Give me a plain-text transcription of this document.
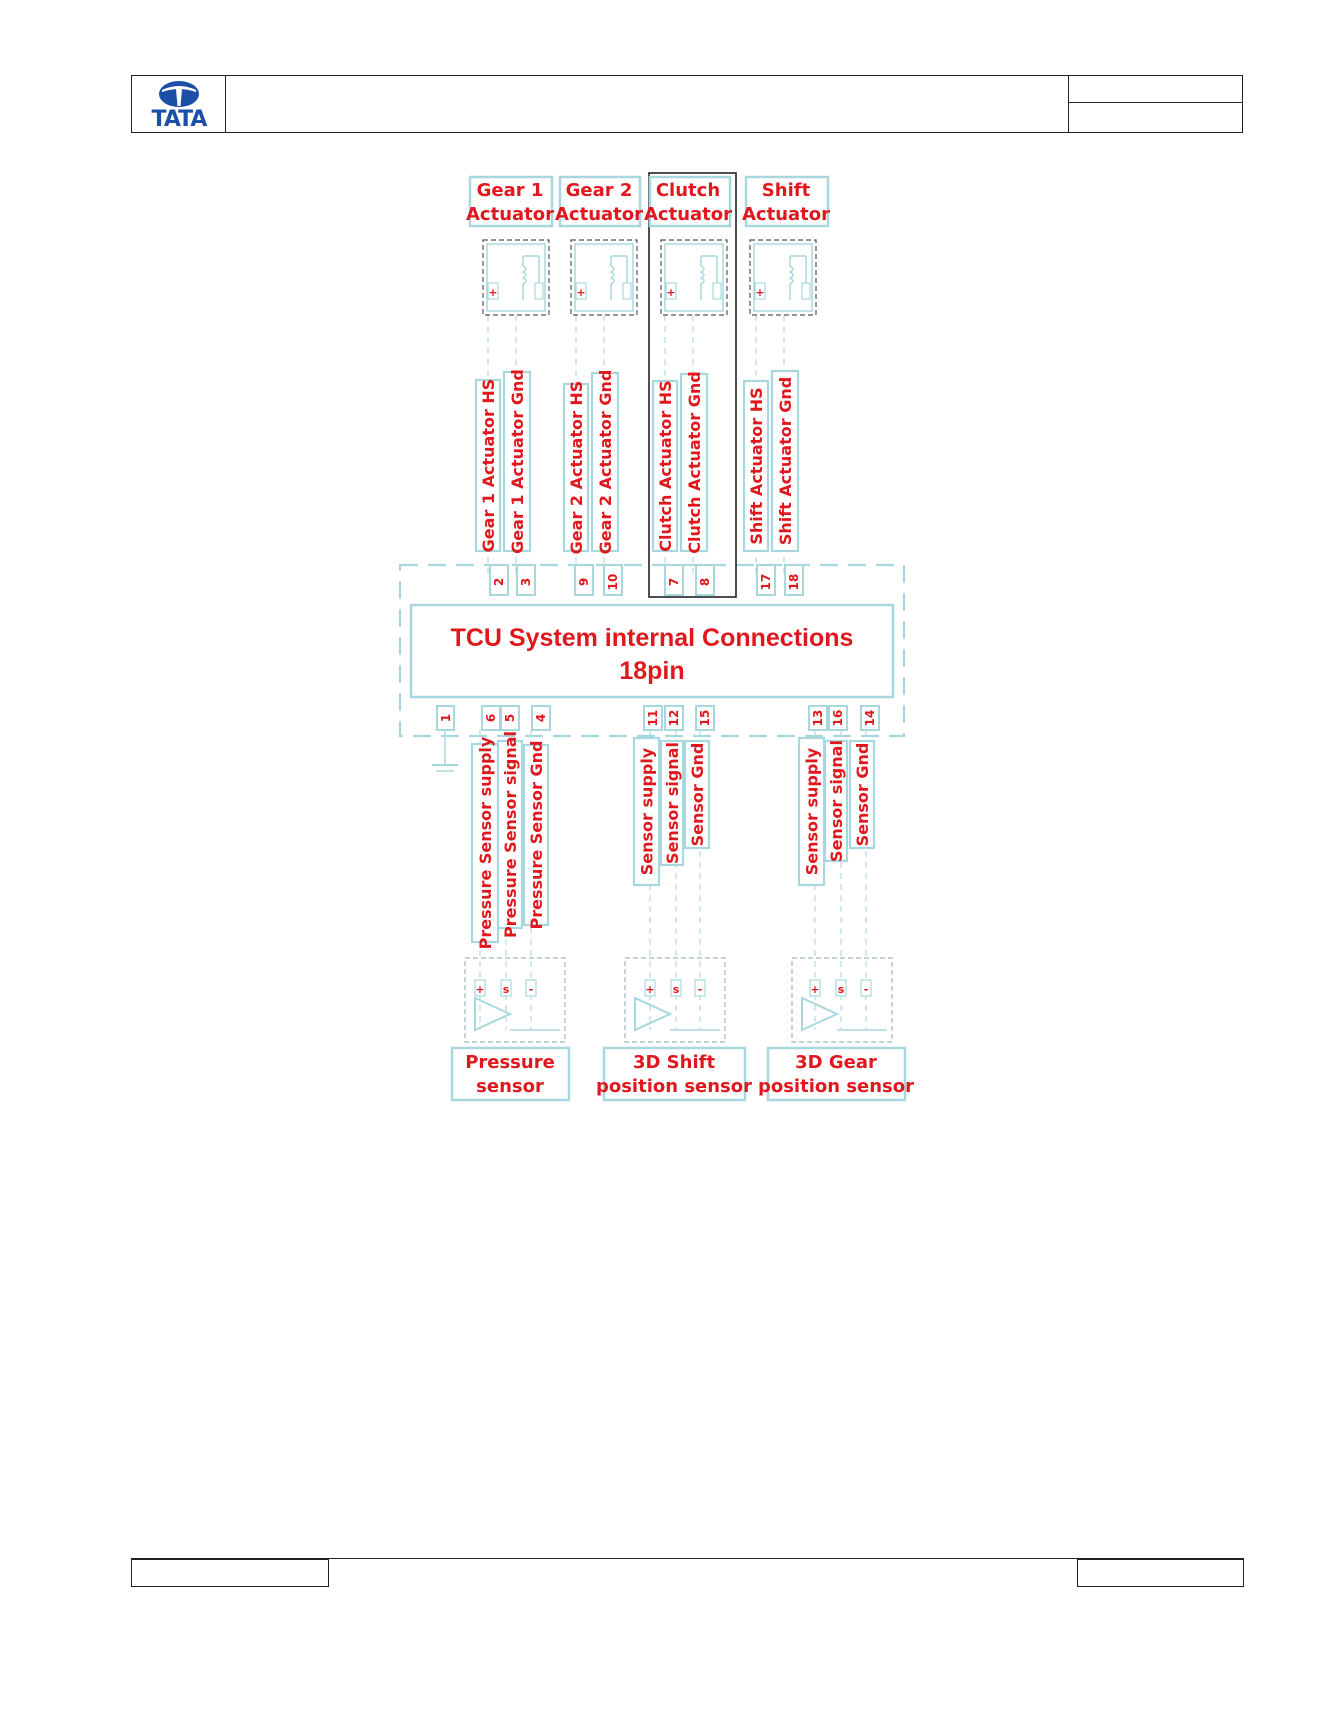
TATA
TCU System internal Connections
18pin
Gear 1
Actuator
+
Gear 1 Actuator HS Gear 1 Actuator Gnd
2 3
Gear 2
Actuator
+
Gear 2 Actuator HS Gear 2 Actuator Gnd
9 10
Clutch
Actuator
+
Clutch Actuator HS Clutch Actuator Gnd
7 8
Shift
Actuator
+
Shift Actuator HS Shift Actuator Gnd
17 18
6 5 4
Pressure Sensor supply Pressure Sensor signal Pressure Sensor Gnd
+ s -
Pressure
sensor
11 12 15
Sensor supply Sensor signal Sensor Gnd
+ s -
3D Shift
position sensor
13 16 14
Sensor supply Sensor signal Sensor Gnd
+ s -
3D Gear
position sensor
1
